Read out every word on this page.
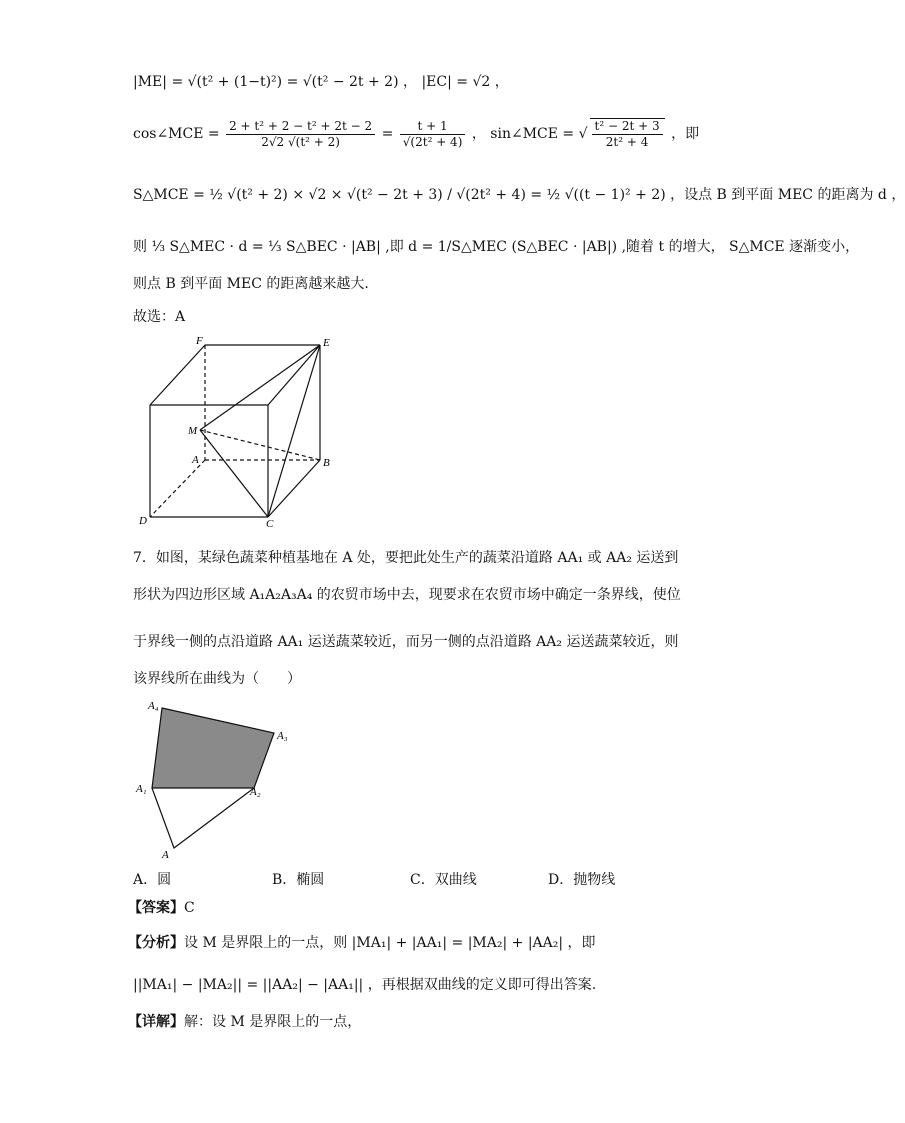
|ME| = √(t² + (1−t)²) = √(t² − 2t + 2) ， |EC| = √2 ，
cos∠MCE = $\frac{\text{2 + t² + 2 − t² + 2t − 2}}{\text{2√2 √(t² + 2)}} = \frac{t + 1}{\text{√(2t² + 4)}}$ ， sin∠MCE = √ $\frac{\text{t² − 2t + 3}}{\text{2t² + 4}}$ ，即
S△MCE = ½ √(t² + 2) × √2 × √(t² − 2t + 3) / √(2t² + 4) = ½ √((t − 1)² + 2) ，设点 B 到平面 MEC 的距离为 d ，
则 ⅓ S△MEC · d = ⅓ S△BEC · |AB| ,即 d = 1/S△MEC (S△BEC · |AB|) ,随着 t 的增大， S△MCE 逐渐变小，
则点 B 到平面 MEC 的距离越来越大.
故选：A
F	E
M
A	B
D	C
7．如图，某绿色蔬菜种植基地在 A 处，要把此处生产的蔬菜沿道路 AA₁ 或 AA₂ 运送到
形状为四边形区域 A₁A₂A₃A₄ 的农贸市场中去，现要求在农贸市场中确定一条界线，使位
于界线一侧的点沿道路 AA₁ 运送蔬菜较近，而另一侧的点沿道路 AA₂ 运送蔬菜较近，则
该界线所在曲线为（　　）
A₄
A₃
A₁	A₂
A
A．圆	B．椭圆	C．双曲线	D．抛物线
【答案】C
【分析】设 M 是界限上的一点，则 |MA₁| + |AA₁| = |MA₂| + |AA₂| ，即
||MA₁| − |MA₂|| = ||AA₂| − |AA₁|| ，再根据双曲线的定义即可得出答案.
【详解】解：设 M 是界限上的一点，
